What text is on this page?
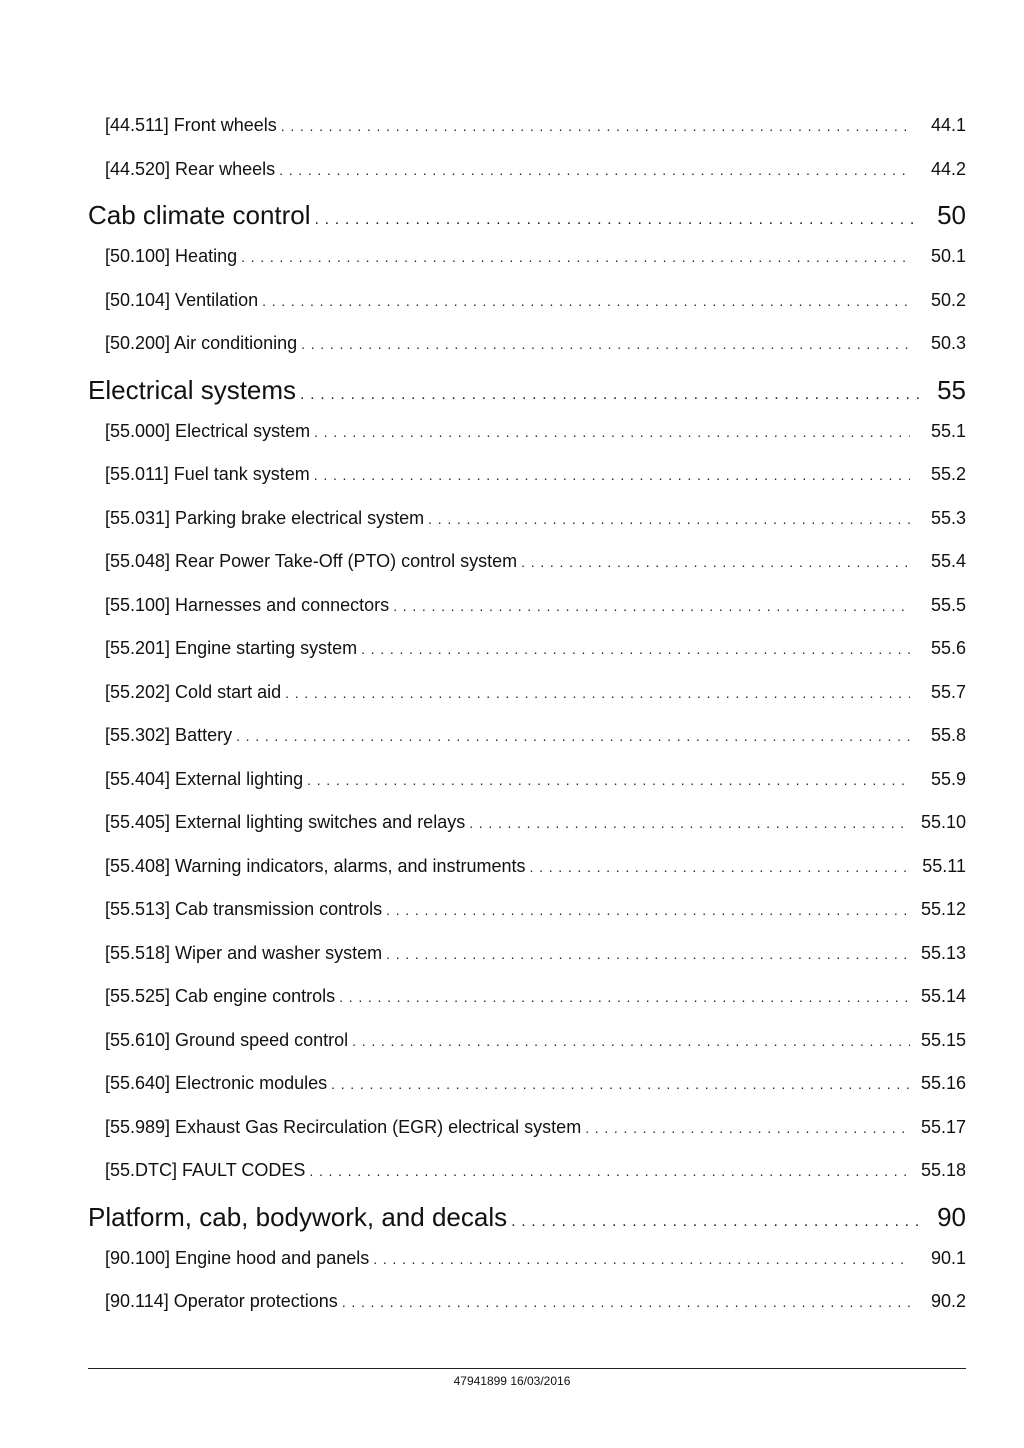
[44.511] Front wheels . . .	44.1
[44.520] Rear wheels . . .	44.2
Cab climate control . . .	50
[50.100] Heating . . .	50.1
[50.104] Ventilation . . .	50.2
[50.200] Air conditioning . . .	50.3
Electrical systems . . .	55
[55.000] Electrical system . . .	55.1
[55.011] Fuel tank system . . .	55.2
[55.031] Parking brake electrical system . . .	55.3
[55.048] Rear Power Take-Off (PTO) control system . . .	55.4
[55.100] Harnesses and connectors . . .	55.5
[55.201] Engine starting system . . .	55.6
[55.202] Cold start aid . . .	55.7
[55.302] Battery . . .	55.8
[55.404] External lighting . . .	55.9
[55.405] External lighting switches and relays . . .	55.10
[55.408] Warning indicators, alarms, and instruments . . .	55.11
[55.513] Cab transmission controls . . .	55.12
[55.518] Wiper and washer system . . .	55.13
[55.525] Cab engine controls . . .	55.14
[55.610] Ground speed control . . .	55.15
[55.640] Electronic modules . . .	55.16
[55.989] Exhaust Gas Recirculation (EGR) electrical system . . .	55.17
[55.DTC] FAULT CODES . . .	55.18
Platform, cab, bodywork, and decals . . .	90
[90.100] Engine hood and panels . . .	90.1
[90.114] Operator protections . . .	90.2
47941899 16/03/2016
